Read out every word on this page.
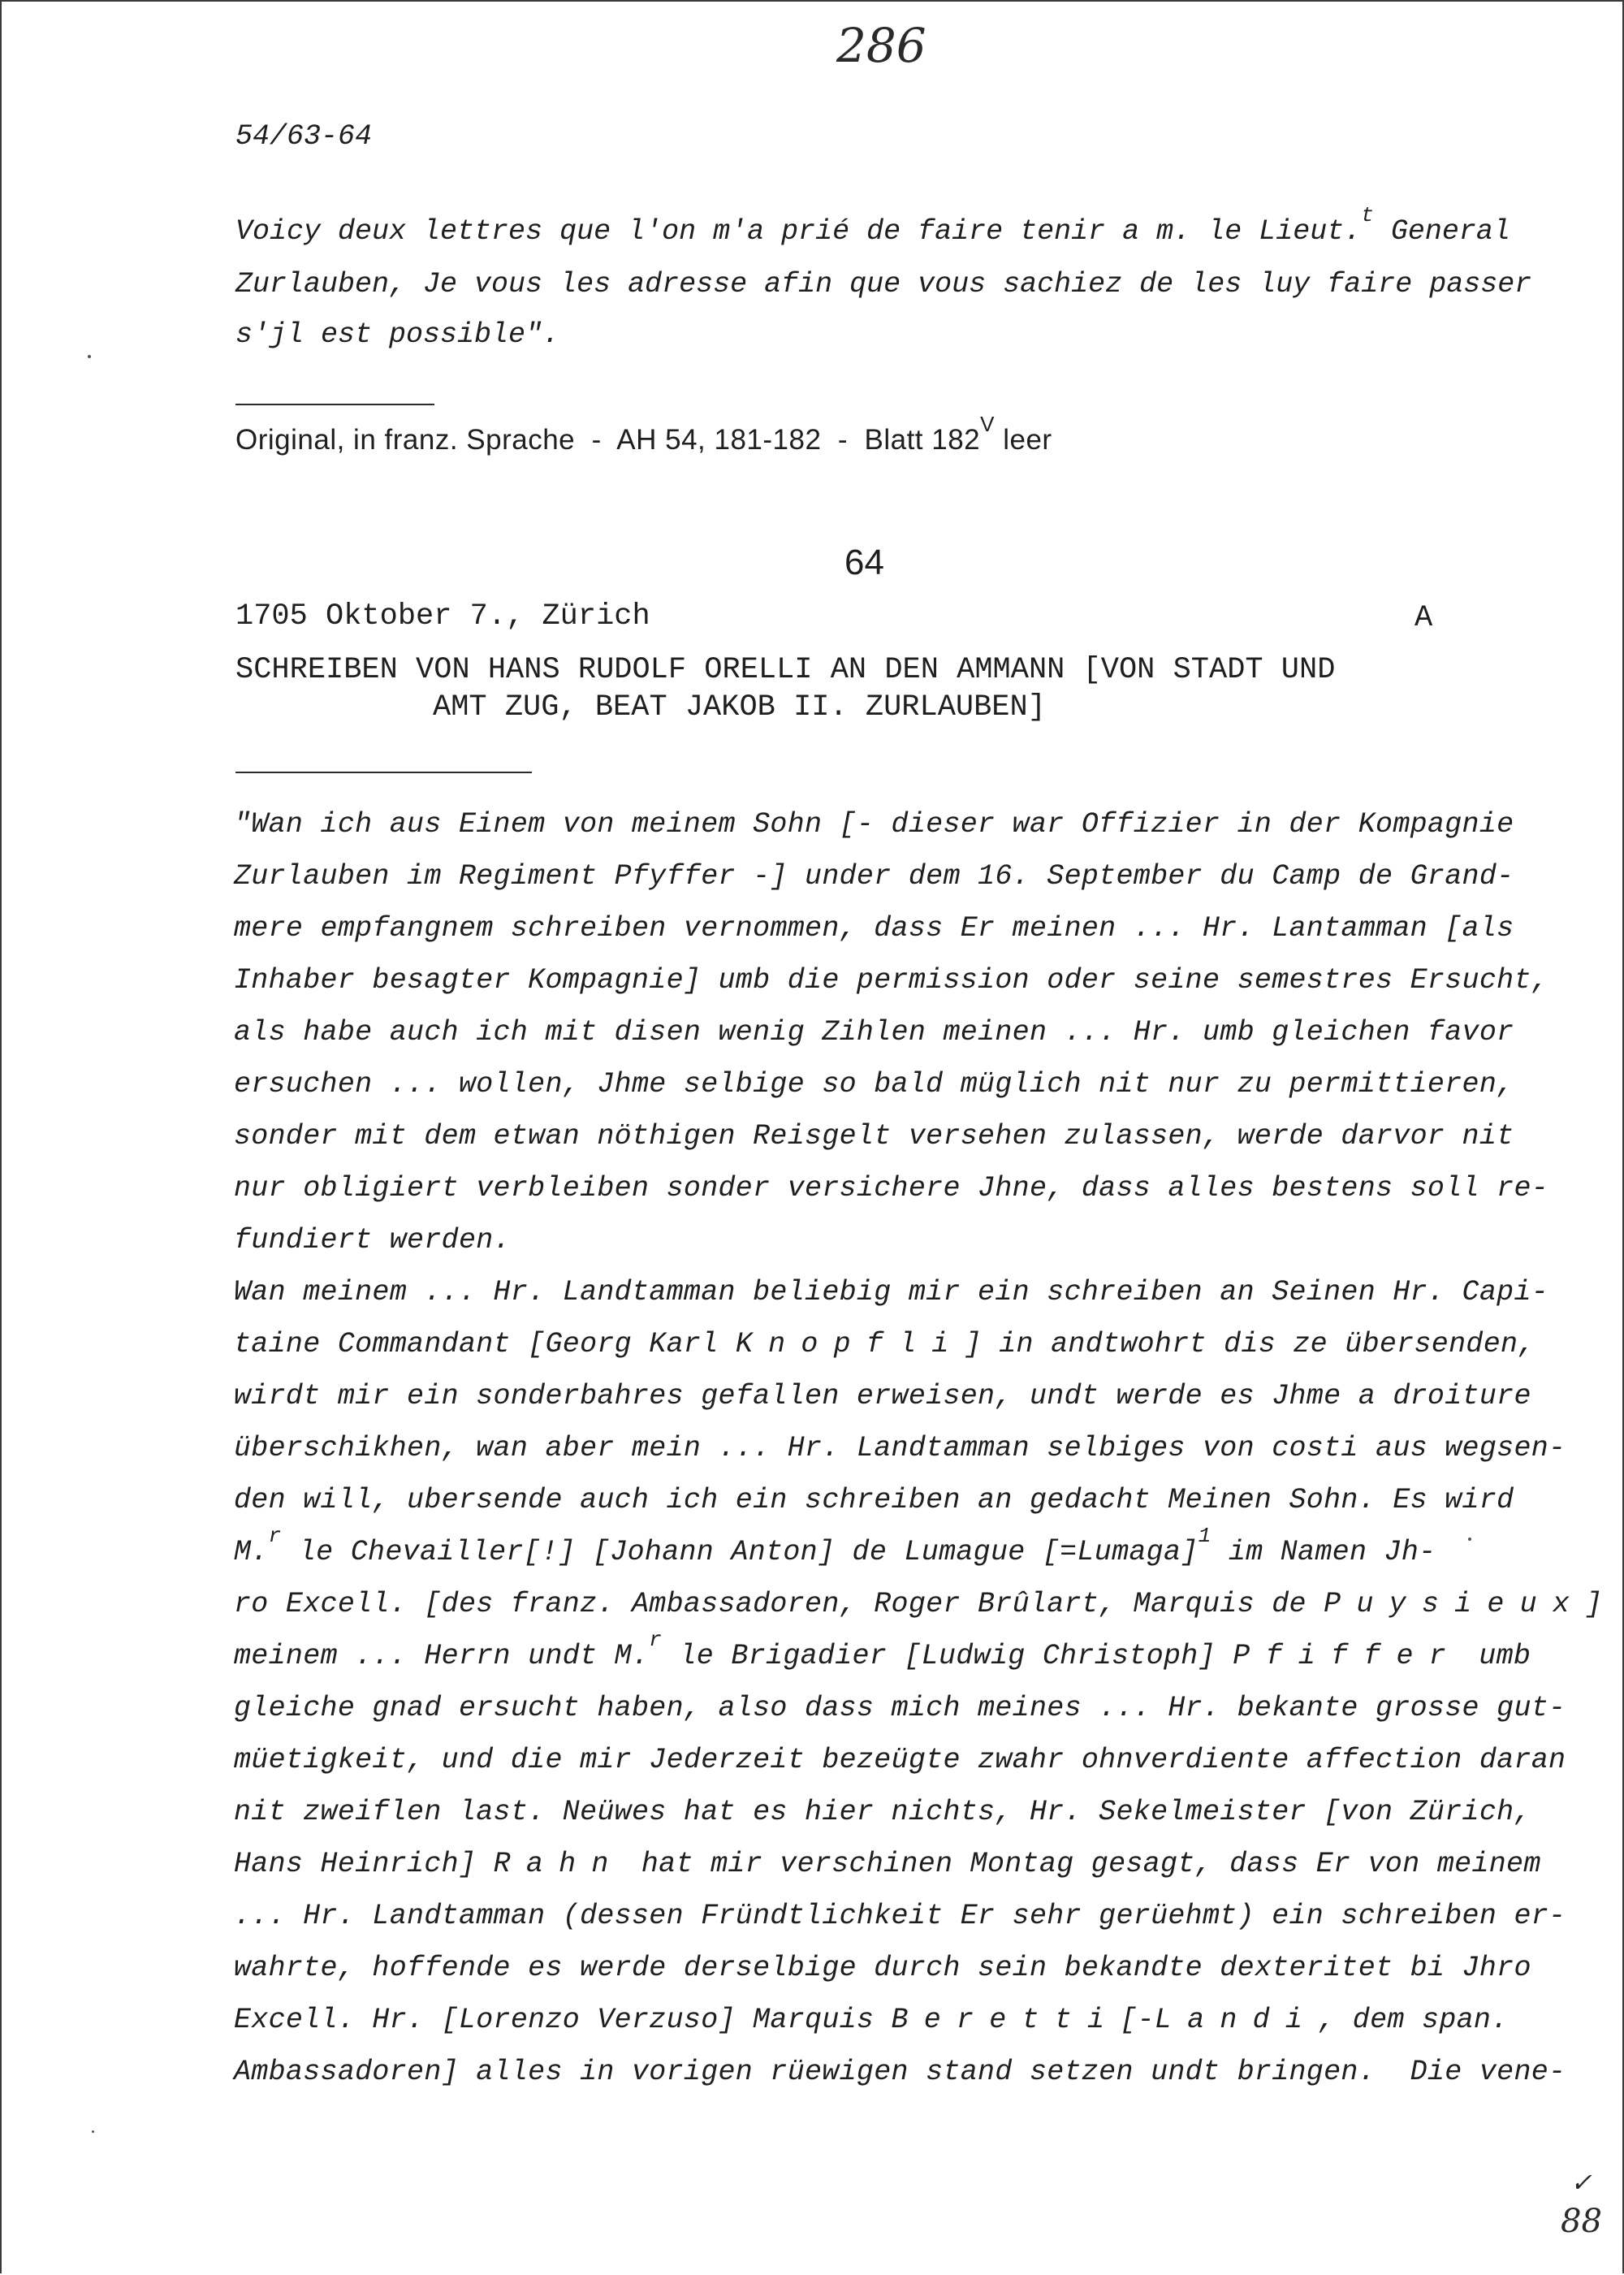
286
54/63-64
Voicy deux lettres que l'on m'a prié de faire tenir a m. le Lieut.$^t$ General
Zurlauben, Je vous les adresse afin que vous sachiez de les luy faire passer
s'jl est possible".
Original, in franz. Sprache  -  AH 54, 181-182  -  Blatt $182^V$ leer
64
1705 Oktober 7., Zürich	A
SCHREIBEN VON HANS RUDOLF ORELLI AN DEN AMMANN [VON STADT UND
AMT ZUG, BEAT JAKOB II. ZURLAUBEN]
"Wan ich aus Einem von meinem Sohn [- dieser war Offizier in der Kompagnie
Zurlauben im Regiment Pfyffer -] under dem 16. September du Camp de Grand-
mere empfangnem schreiben vernommen, dass Er meinen ... Hr. Lantamman [als
Inhaber besagter Kompagnie] umb die permission oder seine semestres Ersucht,
als habe auch ich mit disen wenig Zihlen meinen ... Hr. umb gleichen favor
ersuchen ... wollen, Jhme selbige so bald müglich nit nur zu permittieren,
sonder mit dem etwan nöthigen Reisgelt versehen zulassen, werde darvor nit
nur obligiert verbleiben sonder versichere Jhne, dass alles bestens soll re-
fundiert werden.
Wan meinem ... Hr. Landtamman beliebig mir ein schreiben an Seinen Hr. Capi-
taine Commandant [Georg Karl Knopfli] in andtwohrt dis ze übersenden,
wirdt mir ein sonderbahres gefallen erweisen, undt werde es Jhme a droiture
überschikhen, wan aber mein ... Hr. Landtamman selbiges von costi aus wegsen-
den will, ubersende auch ich ein schreiben an gedacht Meinen Sohn. Es wird
M.$^r$ le Chevailler[!] [Johann Anton] de Lumague [=Lumaga]$^1$ im Namen Jh-
ro Excell. [des franz. Ambassadoren, Roger Brûlart, Marquis de Puysieux]
meinem ... Herrn undt M.$^r$ le Brigadier [Ludwig Christoph] Pfiffer umb
gleiche gnad ersucht haben, also dass mich meines ... Hr. bekante grosse gut-
müetigkeit, und die mir Jederzeit bezeügte zwahr ohnverdiente affection daran
nit zweiflen last. Neüwes hat es hier nichts, Hr. Sekelmeister [von Zürich,
Hans Heinrich] Rahn hat mir verschinen Montag gesagt, dass Er von meinem
... Hr. Landtamman (dessen Fründtlichkeit Er sehr gerüehmt) ein schreiben er-
wahrte, hoffende es werde derselbige durch sein bekandte dexteritet bi Jhro
Excell. Hr. [Lorenzo Verzuso] Marquis Beretti[-Landi, dem span.
Ambassadoren] alles in vorigen rüewigen stand setzen undt bringen.  Die vene-
✓
88
